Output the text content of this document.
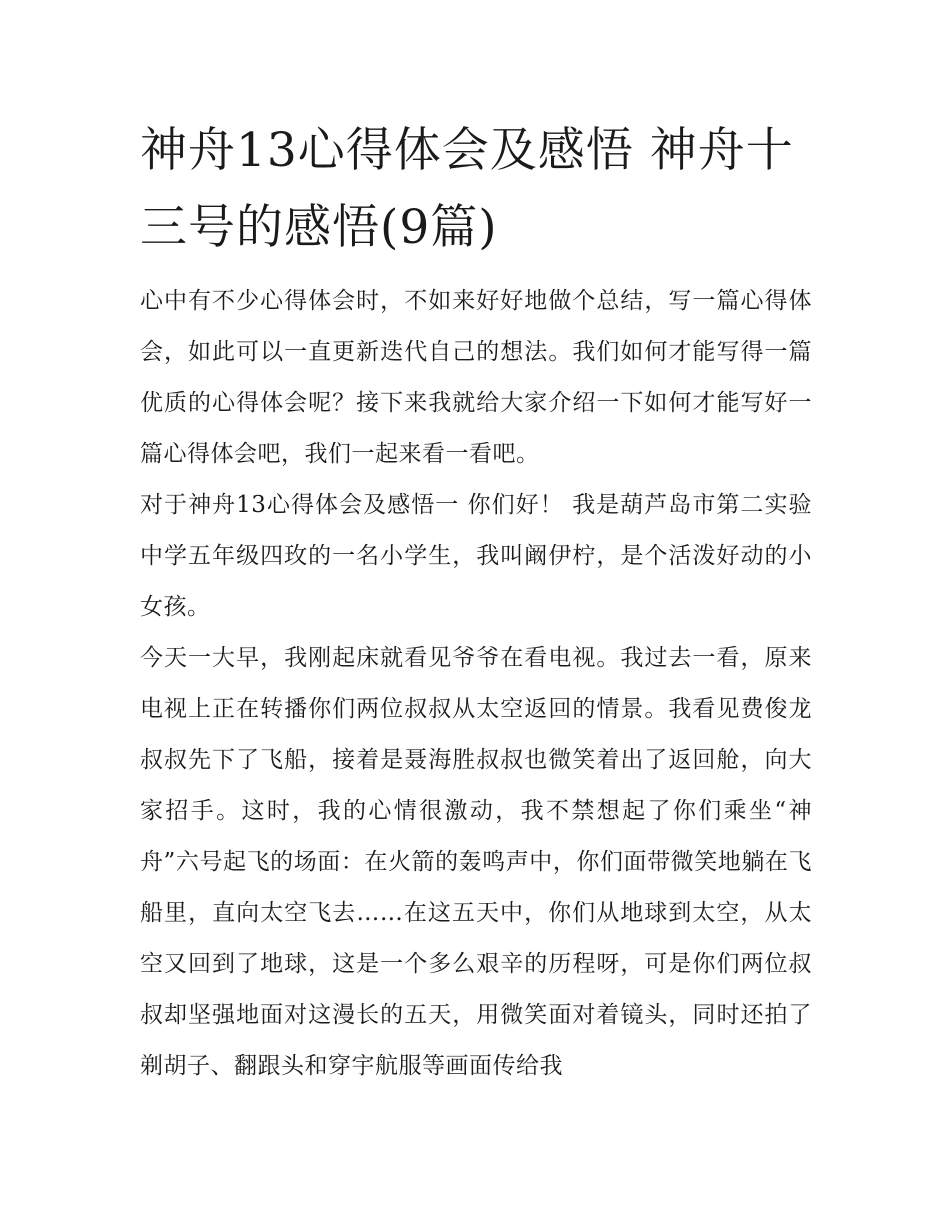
神舟13心得体会及感悟 神舟十三号的感悟(9篇)

心中有不少心得体会时，不如来好好地做个总结，写一篇心得体会，如此可以一直更新迭代自己的想法。我们如何才能写得一篇优质的心得体会呢？接下来我就给大家介绍一下如何才能写好一篇心得体会吧，我们一起来看一看吧。

对于神舟13心得体会及感悟一 你们好！ 我是葫芦岛市第二实验中学五年级四玫的一名小学生，我叫阚伊柠，是个活泼好动的小女孩。

今天一大早，我刚起床就看见爷爷在看电视。我过去一看，原来电视上正在转播你们两位叔叔从太空返回的情景。我看见费俊龙叔叔先下了飞船，接着是聂海胜叔叔也微笑着出了返回舱，向大家招手。这时，我的心情很激动，我不禁想起了你们乘坐“神舟”六号起飞的场面：在火箭的轰鸣声中，你们面带微笑地躺在飞船里，直向太空飞去……在这五天中，你们从地球到太空，从太空又回到了地球，这是一个多么艰辛的历程呀，可是你们两位叔叔却坚强地面对这漫长的五天，用微笑面对着镜头，同时还拍了剃胡子、翻跟头和穿宇航服等画面传给我
